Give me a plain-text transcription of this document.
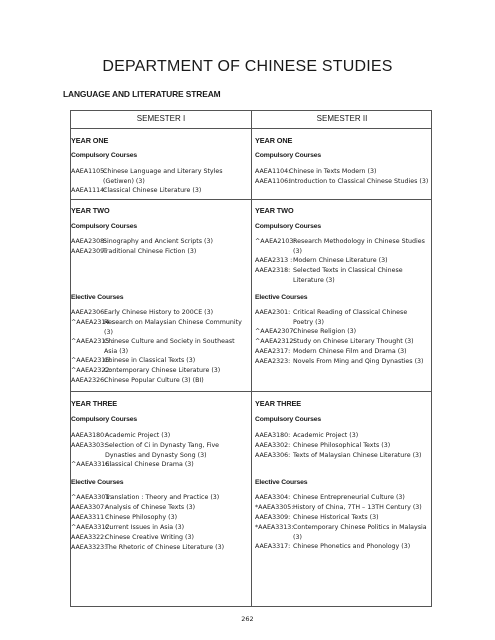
DEPARTMENT OF CHINESE STUDIES
LANGUAGE AND LITERATURE STREAM
SEMESTER I	SEMESTER II
YEAR ONE
Compulsory Courses
AAEA1105:
Chinese Language and Literary Styles (Getiwen) (3)
AAEA1114:
Classical Chinese Literature (3)
YEAR TWO
Compulsory Courses
AAEA2308:
Sinography and Ancient Scripts (3)
AAEA2309:
Traditional Chinese Fiction (3)
Elective Courses
AAEA2306:
Early Chinese History to 200CE (3)
^AAEA2314 :
Research on Malaysian Chinese Community (3)
^AAEA2315 :
Chinese Culture and Society in Southeast Asia (3)
^AAEA2316:
Chinese in Classical Texts (3)
^AAEA2322:
Contemporary Chinese Literature (3)
AAEA2326:
Chinese Popular Culture (3) (BI)
YEAR THREE
Compulsory Courses
AAEA3180:
Academic Project (3)
AAEA3303:
Selection of Ci in Dynasty Tang, Five Dynasties and Dynasty Song (3)
^AAEA3316:
Classical Chinese Drama (3)
Elective Courses
^AAEA3301:
Translation : Theory and Practice (3)
AAEA3307:
Analysis of Chinese Texts (3)
AAEA3311 :
Chinese Philosophy (3)
^AAEA3312:
Current Issues in Asia (3)
AAEA3322:
Chinese Creative Writing (3)
AAEA3323:
The Rhetoric of Chinese Literature (3)
YEAR ONE
Compulsory Courses
AAEA1104:
Chinese in Texts Modern (3)
AAEA1106:
Introduction to Classical Chinese Studies (3)
YEAR TWO
Compulsory Courses
^AAEA2103:
Research Methodology in Chinese Studies (3)
AAEA2313 : Modern Chinese Literature (3)
AAEA2318: Selected Texts in Classical Chinese Literature (3)
Elective Courses
AAEA2301: Critical Reading of Classical Chinese Poetry (3)
^AAEA2307:
Chinese Religion (3)
^AAEA2312:
Study on Chinese Literary Thought (3)
AAEA2317: Modern Chinese Film and Drama (3)
AAEA2323: Novels From Ming and Qing Dynasties (3)
YEAR THREE
Compulsory Courses
AAEA3180: Academic Project (3)
AAEA3302: Chinese Philosophical Texts (3)
AAEA3306: Texts of Malaysian Chinese Literature (3)
Elective Courses
AAEA3304: Chinese Entrepreneurial Culture (3)
*AAEA3305: History of China, 7TH – 13TH Century (3)
AAEA3309: Chinese Historical Texts (3)
*AAEA3313: Contemporary Chinese Politics in Malaysia (3)
AAEA3317: Chinese Phonetics and Phonology (3)
262
